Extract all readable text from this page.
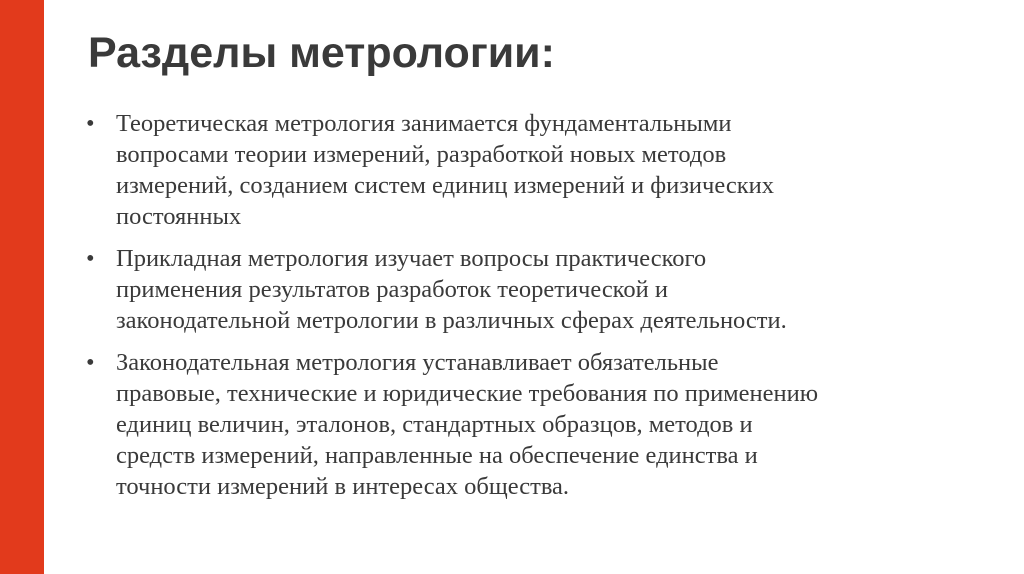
Разделы метрологии:
• Теоретическая метрология занимается фундаментальными
вопросами теории измерений, разработкой новых методов
измерений, созданием систем единиц измерений и физических
постоянных
• Прикладная метрология изучает вопросы практического
применения результатов разработок теоретической и
законодательной метрологии в различных сферах деятельности.
• Законодательная метрология устанавливает обязательные
правовые, технические и юридические требования по применению
единиц величин, эталонов, стандартных образцов, методов и
средств измерений, направленные на обеспечение единства и
точности измерений в интересах общества.
